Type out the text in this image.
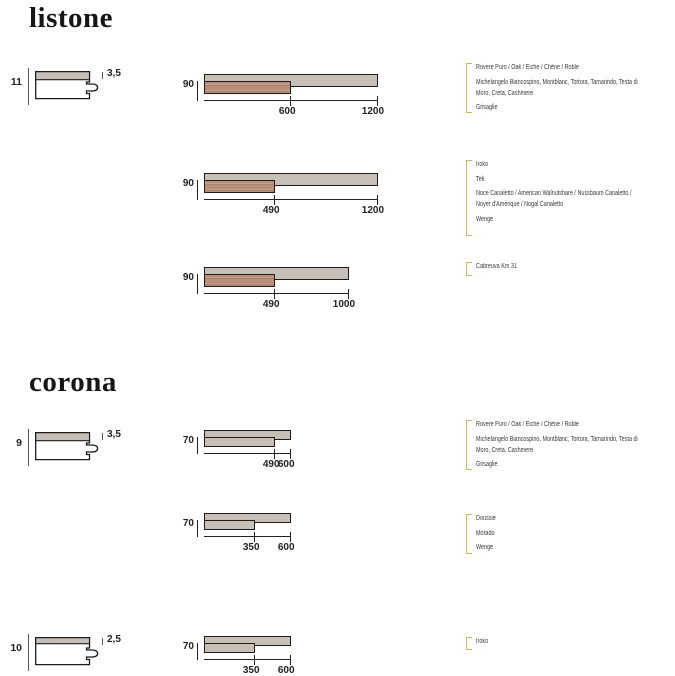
listone
corona
11
3,5
9
3,5
10
2,5
90
600	1200
90
490	1200
90
490	1000
70
490
600
70
350 600
70
350 600
Rovere Puro / Oak / Eiche / Chêne / Roble
Michelangelo Biancospino, Montblanc, Tortora, Tamarindo, Testa di Moro, Creta, Cashmere
Grisaglie
Iroko
Tek
Noce Canaletto / American Walnutshare / Nussbaum Canaletto / Noyer d'Amérique / Nogal Canaletto
Wenge
Cabreuva Km 31
Rovere Puro / Oak / Eiche / Chêne / Roble
Michelangelo Biancospino, Montblanc, Tortora, Tamarindo, Testa di Moro, Creta, Cashmere
Grisaglie
Doussié
Morado
Wenge
Iroko
